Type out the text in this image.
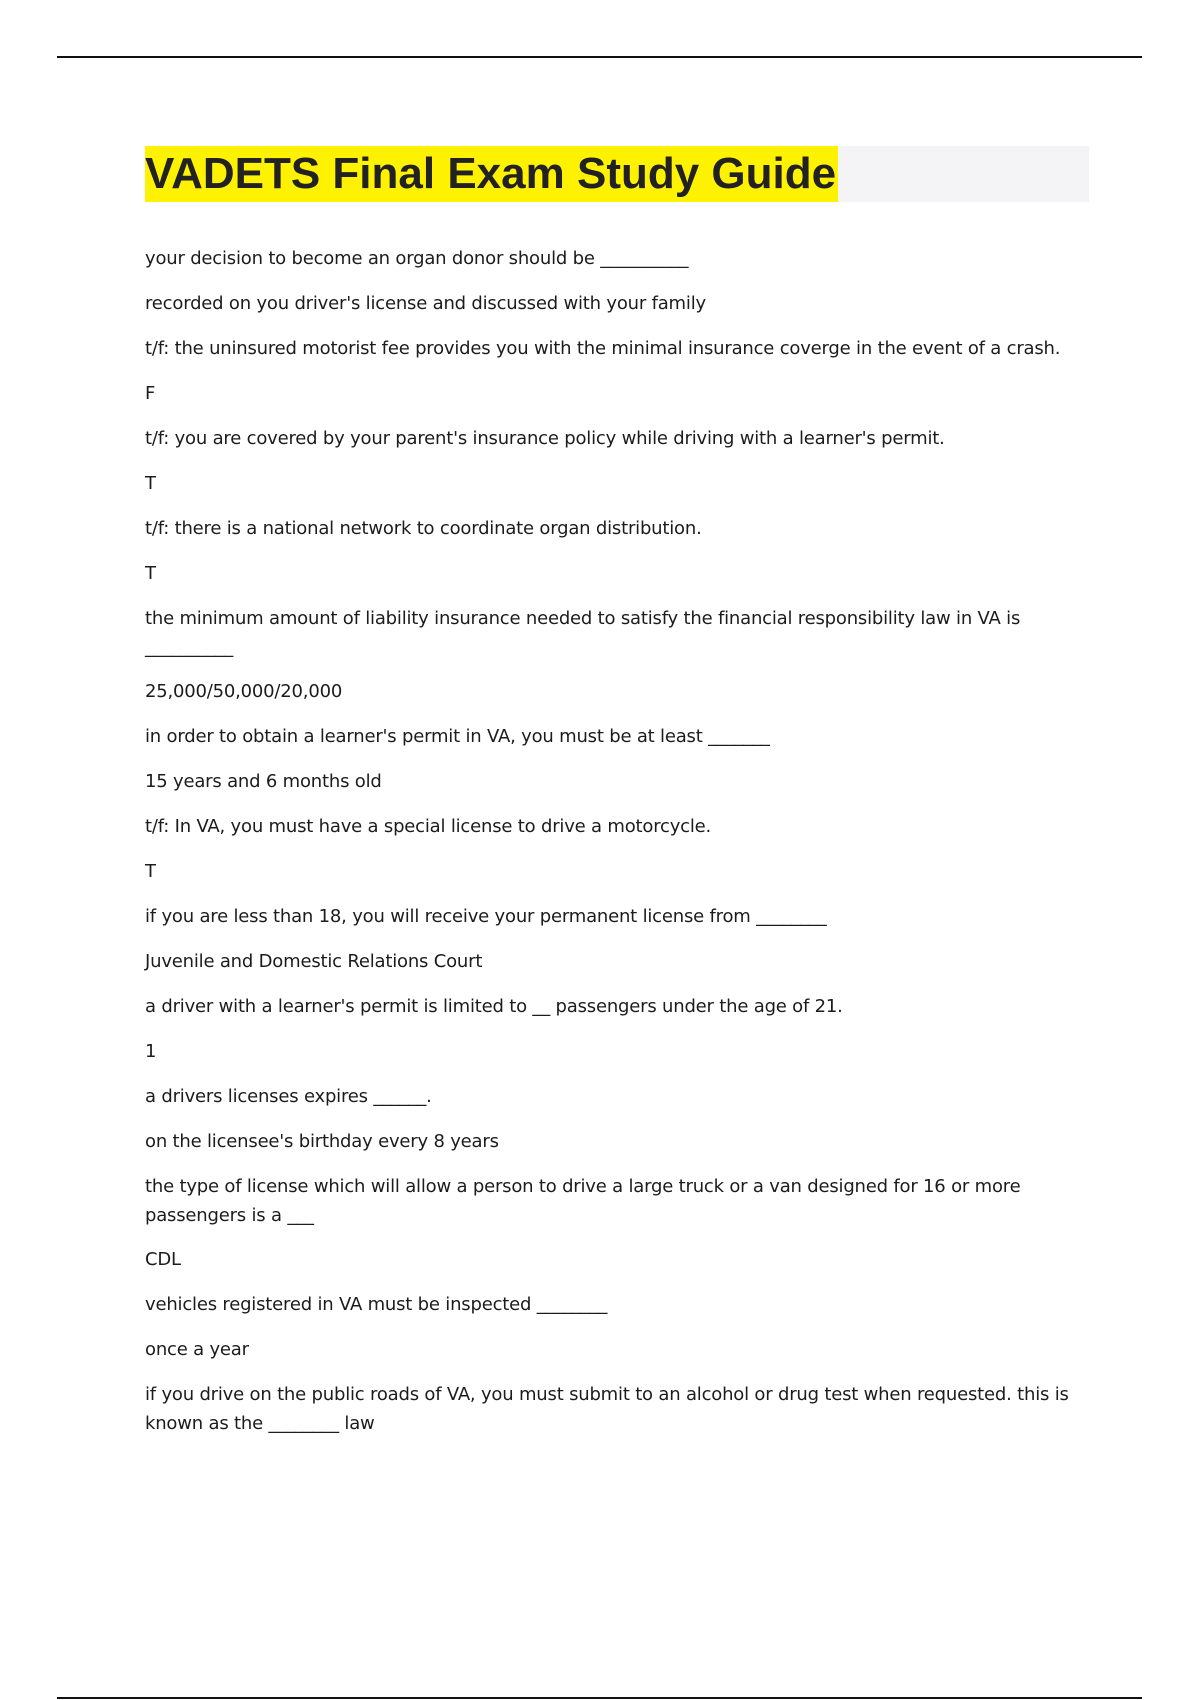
VADETS Final Exam Study Guide

your decision to become an organ donor should be __________

recorded on you driver's license and discussed with your family

t/f: the uninsured motorist fee provides you with the minimal insurance coverge in the event of a crash.

F

t/f: you are covered by your parent's insurance policy while driving with a learner's permit.

T

t/f: there is a national network to coordinate organ distribution.

T

the minimum amount of liability insurance needed to satisfy the financial responsibility law in VA is __________

25,000/50,000/20,000

in order to obtain a learner's permit in VA, you must be at least _______

15 years and 6 months old

t/f: In VA, you must have a special license to drive a motorcycle.

T

if you are less than 18, you will receive your permanent license from ________

Juvenile and Domestic Relations Court

a driver with a learner's permit is limited to __ passengers under the age of 21.

1

a drivers licenses expires ______.

on the licensee's birthday every 8 years

the type of license which will allow a person to drive a large truck or a van designed for 16 or more passengers is a ___

CDL

vehicles registered in VA must be inspected ________

once a year

if you drive on the public roads of VA, you must submit to an alcohol or drug test when requested. this is known as the ________ law
